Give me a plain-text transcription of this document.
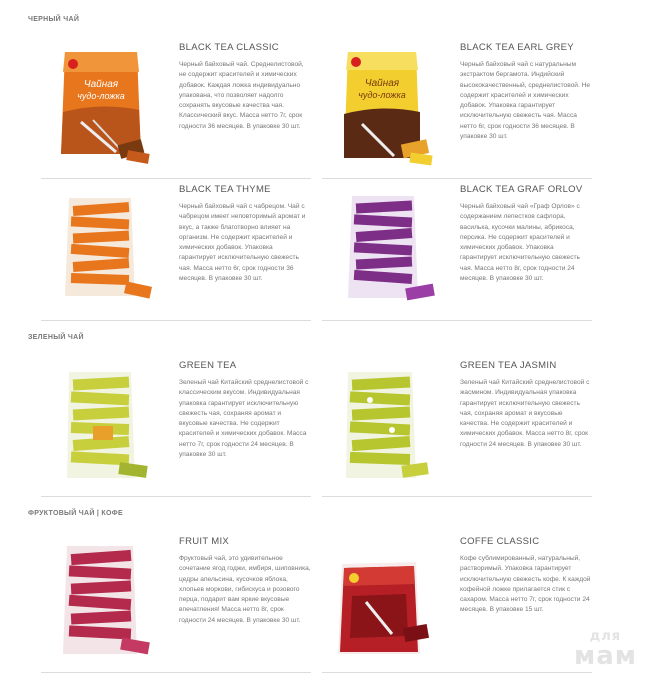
ЧЕРНЫЙ ЧАЙ
Чайная
чудо-ложка
BLACK TEA CLASSIC
Черный байховый чай. Среднелистовой, не содержит красителей и химических добавок. Каждая ложка индивидуально упакована, что позволяет надолго сохранять вкусовые качества чая. Классический вкус. Масса нетто 7г, срок годности 36 месяцев. В упаковке 30 шт.
Чайная
чудо-ложка
BLACK TEA EARL GREY
Черный байховый чай с натуральным экстрактом бергамота. Индийский высококачественный, среднелистовой. Не содержит красителей и химических добавок. Упаковка гарантирует исключительную свежесть чая. Масса нетто 6г, срок годности 36 месяцев. В упаковке 30 шт.
BLACK TEA THYME
Черный байховый чай с чабрецом. Чай с чабрецом имеет неповторимый аромат и вкус, а также благотворно влияет на организм. Не содержит красителей и химических добавок. Упаковка гарантирует исключительную свежесть чая. Масса нетто 6г, срок годности 36 месяцев. В упаковке 30 шт.
BLACK TEA GRAF ORLOV
Черный байховый чай «Граф Орлов» с содержанием лепестков сафлора, василька, кусочки малины, абрикоса, персика. Не содержит красителей и химических добавок. Упаковка гарантирует исключительную свежесть чая. Масса нетто 8г, срок годности 24 месяцев. В упаковке 30 шт.
ЗЕЛЕНЫЙ ЧАЙ
GREEN TEA
Зеленый чай Китайский среднелистовой с классическим вкусом. Индивидуальная упаковка гарантирует исключительную свежесть чая, сохраняя аромат и вкусовые качества. Не содержит красителей и химических добавок. Масса нетто 7г, срок годности 24 месяцев. В упаковке 30 шт.
GREEN TEA JASMIN
Зеленый чай Китайский среднелистовой с жасмином. Индивидуальная упаковка гарантирует исключительную свежесть чая, сохраняя аромат и вкусовые качества. Не содержит красителей и химических добавок. Масса нетто 8г, срок годности 24 месяцев. В упаковке 30 шт.
ФРУКТОВЫЙ ЧАЙ | КОФЕ
FRUIT MIX
Фруктовый чай, это удивительное сочетание ягод годжи, имбиря, шиповника, цедры апельсина, кусочков яблока, хлопьев моркови, гибискуса и розового перца, подарит вам яркие вкусовые впечатления! Масса нетто 8г, срок годности 24 месяцев. В упаковке 30 шт.
COFFE CLASSIC
Кофе сублимированный, натуральный, растворимый. Упаковка гарантирует исключительную свежесть кофе. К каждой кофейной ложке прилагается стик с сахаром. Масса нетто 7г, срок годности 24 месяцев. В упаковке 15 шт.
для
мам
